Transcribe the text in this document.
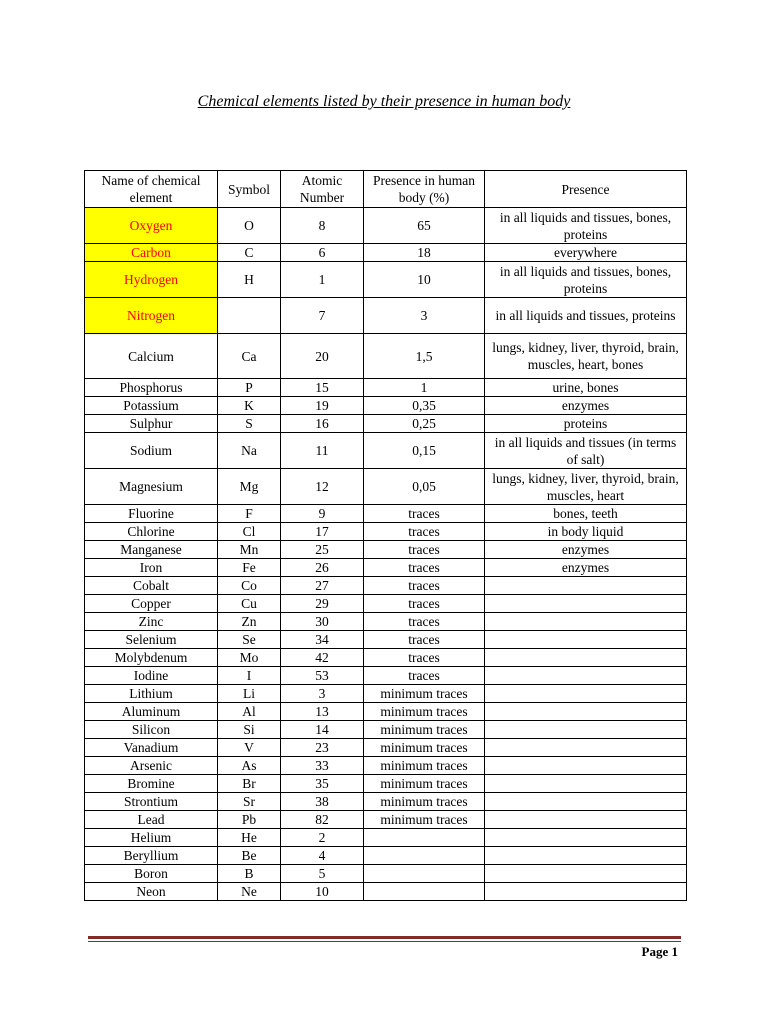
Chemical elements listed by their presence in human body
Name of chemical element	Symbol	Atomic Number	Presence in human body (%)	Presence
Oxygen	O	8	65	in all liquids and tissues, bones, proteins
Carbon	C	6	18	everywhere
Hydrogen	H	1	10	in all liquids and tissues, bones, proteins
Nitrogen		7	3	in all liquids and tissues, proteins
Calcium	Ca	20	1,5	lungs, kidney, liver, thyroid, brain, muscles, heart, bones
Phosphorus	P	15	1	urine, bones
Potassium	K	19	0,35	enzymes
Sulphur	S	16	0,25	proteins
Sodium	Na	11	0,15	in all liquids and tissues (in terms of salt)
Magnesium	Mg	12	0,05	lungs, kidney, liver, thyroid, brain, muscles, heart
Fluorine	F	9	traces	bones, teeth
Chlorine	Cl	17	traces	in body liquid
Manganese	Mn	25	traces	enzymes
Iron	Fe	26	traces	enzymes
Cobalt	Co	27	traces	
Copper	Cu	29	traces	
Zinc	Zn	30	traces	
Selenium	Se	34	traces	
Molybdenum	Mo	42	traces	
Iodine	I	53	traces	
Lithium	Li	3	minimum traces	
Aluminum	Al	13	minimum traces	
Silicon	Si	14	minimum traces	
Vanadium	V	23	minimum traces	
Arsenic	As	33	minimum traces	
Bromine	Br	35	minimum traces	
Strontium	Sr	38	minimum traces	
Lead	Pb	82	minimum traces	
Helium	He	2		
Beryllium	Be	4		
Boron	B	5		
Neon	Ne	10		
Page 1
